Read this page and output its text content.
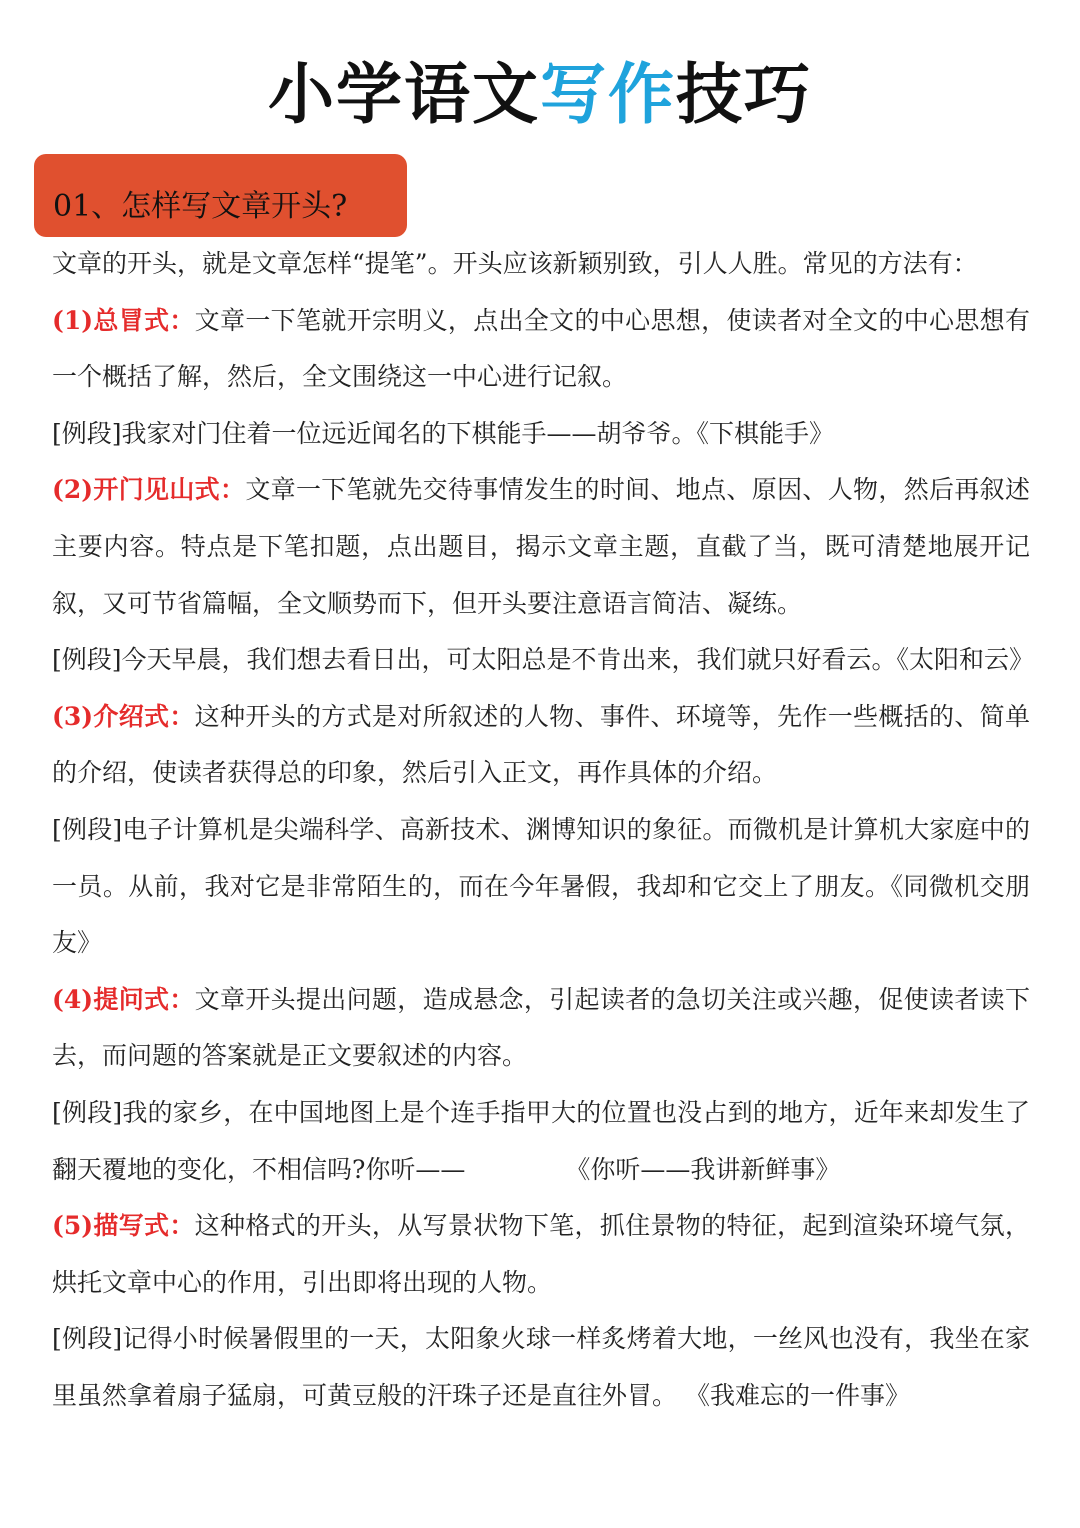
小学语文写作技巧
01、怎样写文章开头?

文章的开头，就是文章怎样“提笔”。开头应该新颖别致，引人人胜。常见的方法有：

(1)总冒式：文章一下笔就开宗明义，点出全文的中心思想，使读者对全文的中心思想有一个概括了解，然后，全文围绕这一中心进行记叙。

[例段]我家对门住着一位远近闻名的下棋能手——胡爷爷。《下棋能手》

(2)开门见山式：文章一下笔就先交待事情发生的时间、地点、原因、人物，然后再叙述主要内容。特点是下笔扣题，点出题目，揭示文章主题，直截了当，既可清楚地展开记叙，又可节省篇幅，全文顺势而下，但开头要注意语言简洁、凝练。

[例段]今天早晨，我们想去看日出，可太阳总是不肯出来，我们就只好看云。《太阳和云》

(3)介绍式：这种开头的方式是对所叙述的人物、事件、环境等，先作一些概括的、简单的介绍，使读者获得总的印象，然后引入正文，再作具体的介绍。

[例段]电子计算机是尖端科学、高新技术、渊博知识的象征。而微机是计算机大家庭中的一员。从前，我对它是非常陌生的，而在今年暑假，我却和它交上了朋友。《同微机交朋友》

(4)提问式：文章开头提出问题，造成悬念，引起读者的急切关注或兴趣，促使读者读下去，而问题的答案就是正文要叙述的内容。

[例段]我的家乡，在中国地图上是个连手指甲大的位置也没占到的地方，近年来却发生了翻天覆地的变化，不相信吗?你听——	《你听——我讲新鲜事》

(5)描写式：这种格式的开头，从写景状物下笔，抓住景物的特征，起到渲染环境气氛，烘托文章中心的作用，引出即将出现的人物。

[例段]记得小时候暑假里的一天，太阳象火球一样炙烤着大地，一丝风也没有，我坐在家里虽然拿着扇子猛扇，可黄豆般的汗珠子还是直往外冒。 《我难忘的一件事》
